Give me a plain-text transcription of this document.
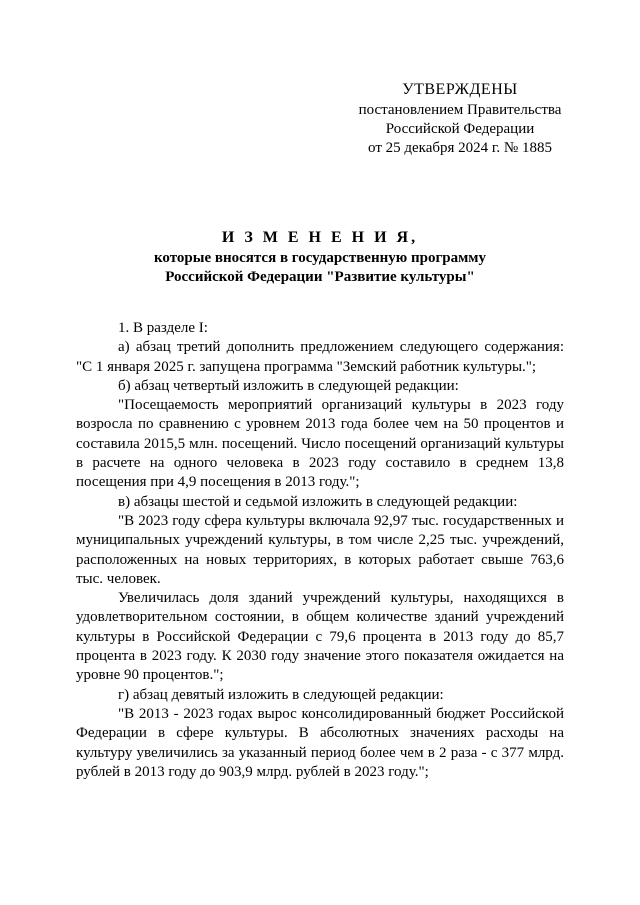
УТВЕРЖДЕНЫ
постановлением Правительства
Российской Федерации
от 25 декабря 2024 г. № 1885
И З М Е Н Е Н И Я,
которые вносятся в государственную программу
Российской Федерации "Развитие культуры"

1. В разделе I:

а) абзац третий дополнить предложением следующего содержания: "С 1 января 2025 г. запущена программа "Земский работник культуры.";

б) абзац четвертый изложить в следующей редакции:

"Посещаемость мероприятий организаций культуры в 2023 году возросла по сравнению с уровнем 2013 года более чем на 50 процентов и составила 2015,5 млн. посещений. Число посещений организаций культуры в расчете на одного человека в 2023 году составило в среднем 13,8 посещения при 4,9 посещения в 2013 году.";

в) абзацы шестой и седьмой изложить в следующей редакции:

"В 2023 году сфера культуры включала 92,97 тыс. государственных и муниципальных учреждений культуры, в том числе 2,25 тыс. учреждений, расположенных на новых территориях, в которых работает свыше 763,6 тыс. человек.

Увеличилась доля зданий учреждений культуры, находящихся в удовлетворительном состоянии, в общем количестве зданий учреждений культуры в Российской Федерации с 79,6 процента в 2013 году до 85,7 процента в 2023 году. К 2030 году значение этого показателя ожидается на уровне 90 процентов.";

г) абзац девятый изложить в следующей редакции:

"В 2013 - 2023 годах вырос консолидированный бюджет Российской Федерации в сфере культуры. В абсолютных значениях расходы на культуру увеличились за указанный период более чем в 2 раза - с 377 млрд. рублей в 2013 году до 903,9 млрд. рублей в 2023 году.";
